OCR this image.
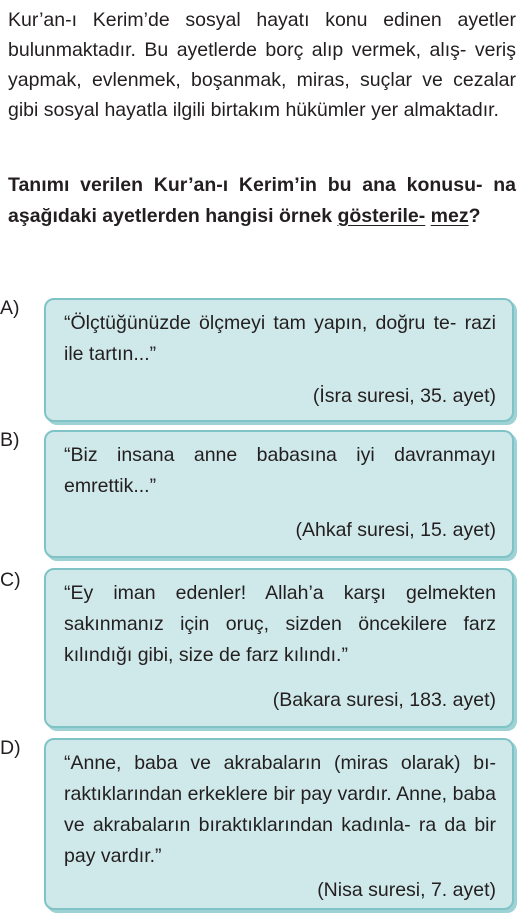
Kur’an-ı Kerim’de sosyal hayatı konu edinen ayetler bulunmaktadır. Bu ayetlerde borç alıp vermek, alış- veriş yapmak, evlenmek, boşanmak, miras, suçlar ve cezalar gibi sosyal hayatla ilgili birtakım hükümler yer almaktadır.

Tanımı verilen Kur’an-ı Kerim’in bu ana konusu- na aşağıdaki ayetlerden hangisi örnek gösterile- mez?

A)

“Ölçtüğünüzde ölçmeyi tam yapın, doğru te- razi ile tartın...”

(İsra suresi, 35. ayet)

B)

“Biz insana anne babasına iyi davranmayı emrettik...”

(Ahkaf suresi, 15. ayet)

C)

“Ey iman edenler! Allah’a karşı gelmekten sakınmanız için oruç, sizden öncekilere farz kılındığı gibi, size de farz kılındı.”

(Bakara suresi, 183. ayet)

D)

“Anne, baba ve akrabaların (miras olarak) bı- raktıklarından erkeklere bir pay vardır. Anne, baba ve akrabaların bıraktıklarından kadınla- ra da bir pay vardır.”

(Nisa suresi, 7. ayet)
